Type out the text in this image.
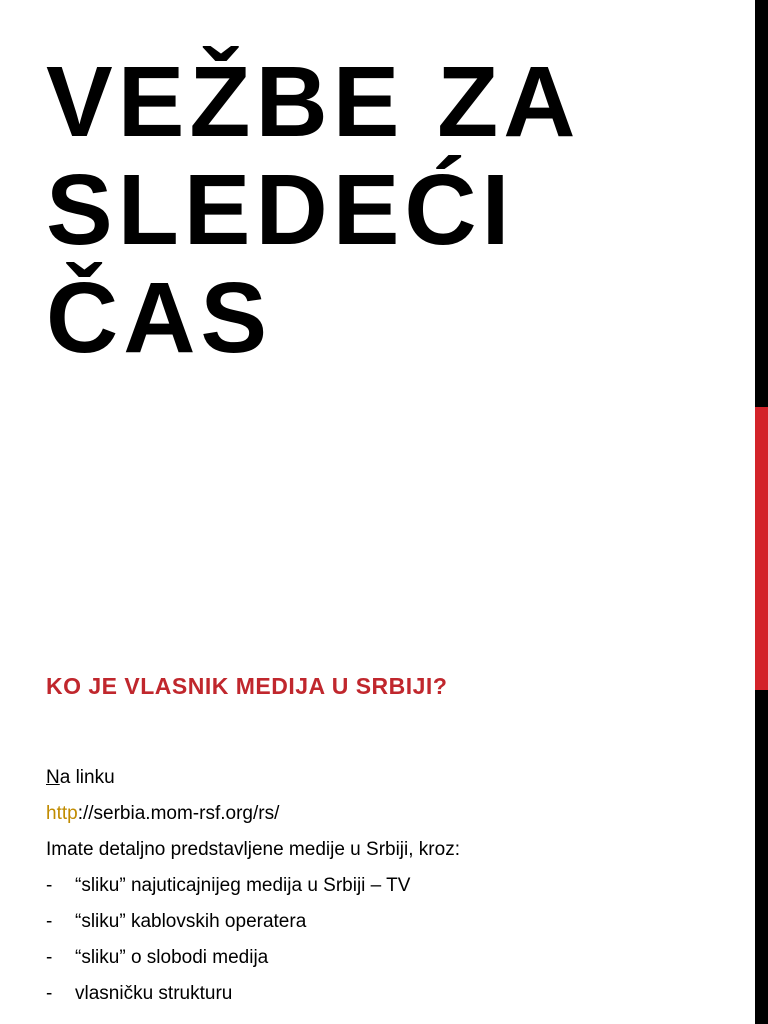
VEŽBE ZA
SLEDEĆI
ČAS
KO JE VLASNIK MEDIJA U SRBIJI?
Na linku
http://serbia.mom-rsf.org/rs/
Imate detaljno predstavljene medije u Srbiji, kroz:
-	“sliku” najuticajnijeg medija u Srbiji – TV
-	“sliku” kablovskih operatera
-	“sliku” o slobodi medija
-	vlasničku strukturu
